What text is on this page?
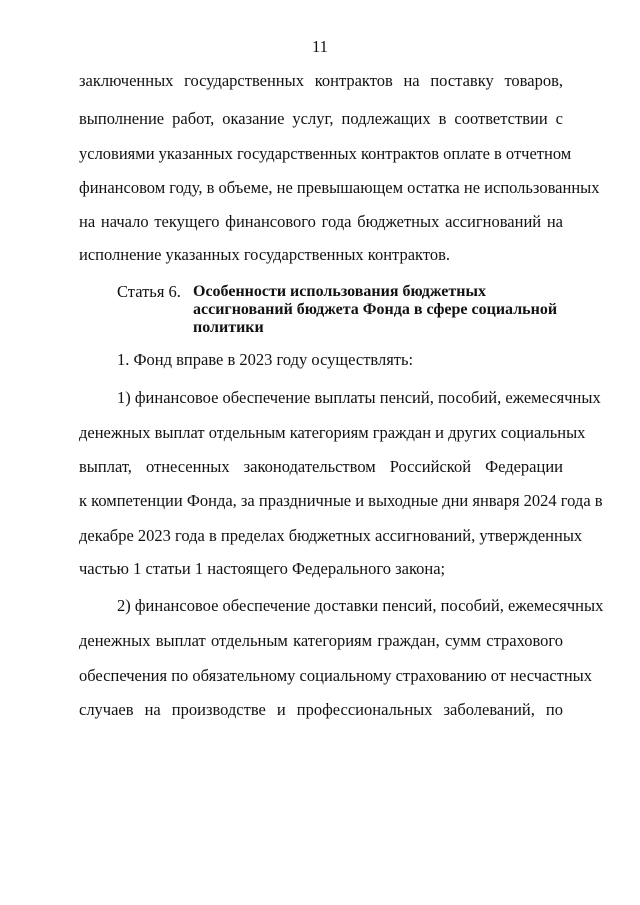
11
заключенных государственных контрактов на поставку товаров,
выполнение работ, оказание услуг, подлежащих в соответствии с
условиями указанных государственных контрактов оплате в отчетном
финансовом году, в объеме, не превышающем остатка не использованных
на начало текущего финансового года бюджетных ассигнований на
исполнение указанных государственных контрактов.
Статья 6. Особенности использования бюджетных
ассигнований бюджета Фонда в сфере социальной
политики
1. Фонд вправе в 2023 году осуществлять:
1) финансовое обеспечение выплаты пенсий, пособий, ежемесячных
денежных выплат отдельным категориям граждан и других социальных
выплат, отнесенных законодательством Российской Федерации
к компетенции Фонда, за праздничные и выходные дни января 2024 года в
декабре 2023 года в пределах бюджетных ассигнований, утвержденных
частью 1 статьи 1 настоящего Федерального закона;
2) финансовое обеспечение доставки пенсий, пособий, ежемесячных
денежных выплат отдельным категориям граждан, сумм страхового
обеспечения по обязательному социальному страхованию от несчастных
случаев на производстве и профессиональных заболеваний, по
